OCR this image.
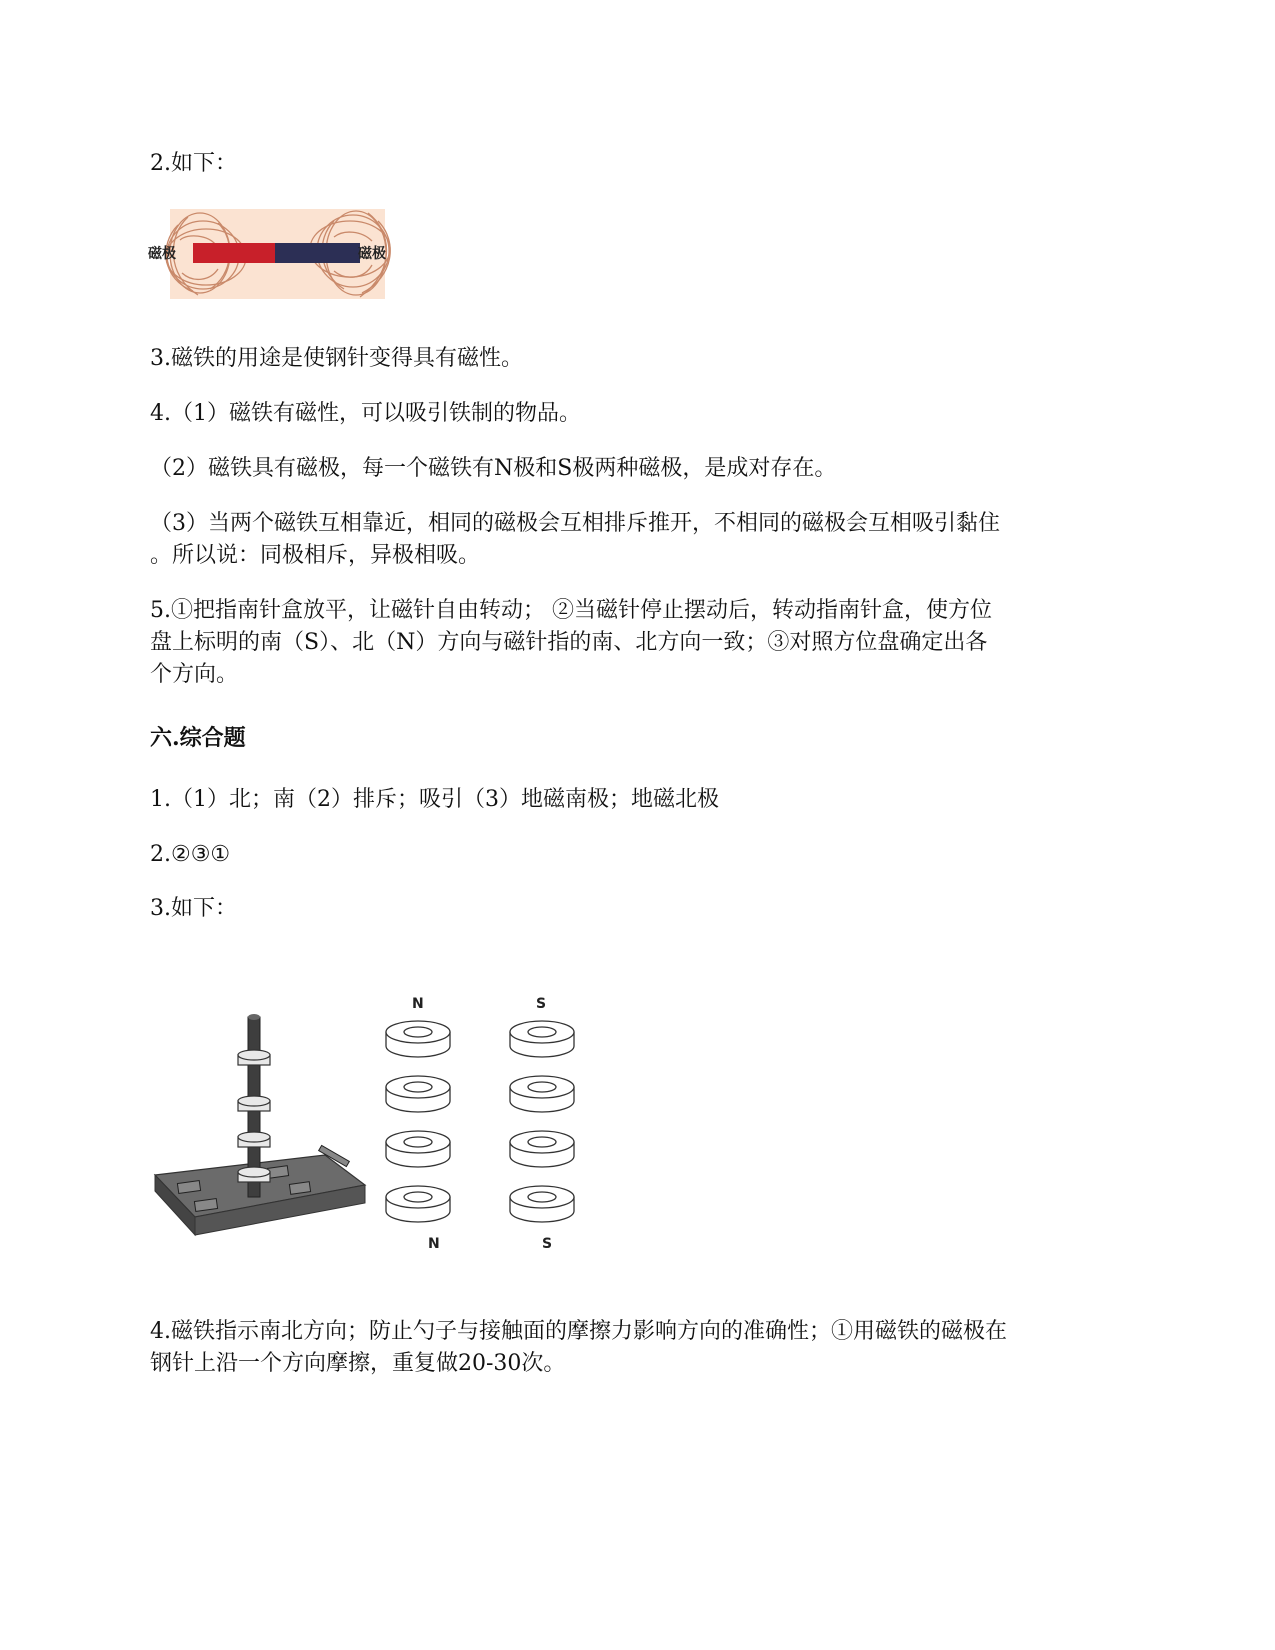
2.如下：
磁极	磁极
3.磁铁的用途是使钢针变得具有磁性。
4.（1）磁铁有磁性，可以吸引铁制的物品。
（2）磁铁具有磁极，每一个磁铁有N极和S极两种磁极，是成对存在。
（3）当两个磁铁互相靠近，相同的磁极会互相排斥推开，不相同的磁极会互相吸引黏住
。所以说：同极相斥，异极相吸。
5.①把指南针盒放平，让磁针自由转动； ②当磁针停止摆动后，转动指南针盒，使方位
盘上标明的南（S）、北（N）方向与磁针指的南、北方向一致；③对照方位盘确定出各
个方向。
六.综合题
1.（1）北；南（2）排斥；吸引（3）地磁南极；地磁北极
2.②③①
3.如下：
N	S
N	S
4.磁铁指示南北方向；防止勺子与接触面的摩擦力影响方向的准确性；①用磁铁的磁极在
钢针上沿一个方向摩擦，重复做20-30次。
